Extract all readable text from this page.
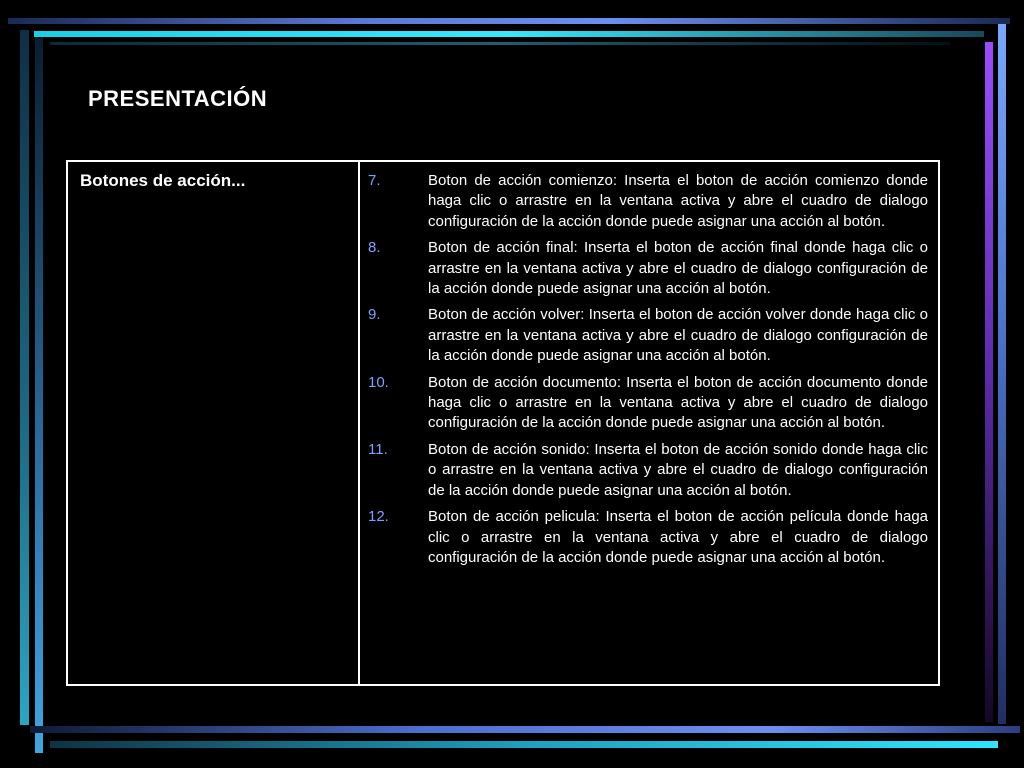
PRESENTACIÓN
Botones de acción...	7.	Boton de acción comienzo: Inserta el boton de acción comienzo donde haga clic o arrastre en la ventana activa y abre el cuadro de dialogo configuración de la acción donde puede asignar una acción al botón.
8.	Boton de acción final: Inserta el boton de acción final donde haga clic o arrastre en la ventana activa y abre el cuadro de dialogo configuración de la acción donde puede asignar una acción al botón.
9.	Boton de acción volver: Inserta el boton de acción volver donde haga clic o arrastre en la ventana activa y abre el cuadro de dialogo configuración de la acción donde puede asignar una acción al botón.
10.	Boton de acción documento: Inserta el boton de acción documento donde haga clic o arrastre en la ventana activa y abre el cuadro de dialogo configuración de la acción donde puede asignar una acción al botón.
11.	Boton de acción sonido: Inserta el boton de acción sonido donde haga clic o arrastre en la ventana activa y abre el cuadro de dialogo configuración de la acción donde puede asignar una acción al botón.
12.	Boton de acción pelicula: Inserta el boton de acción película donde haga clic o arrastre en la ventana activa y abre el cuadro de dialogo configuración de la acción donde puede asignar una acción al botón.
